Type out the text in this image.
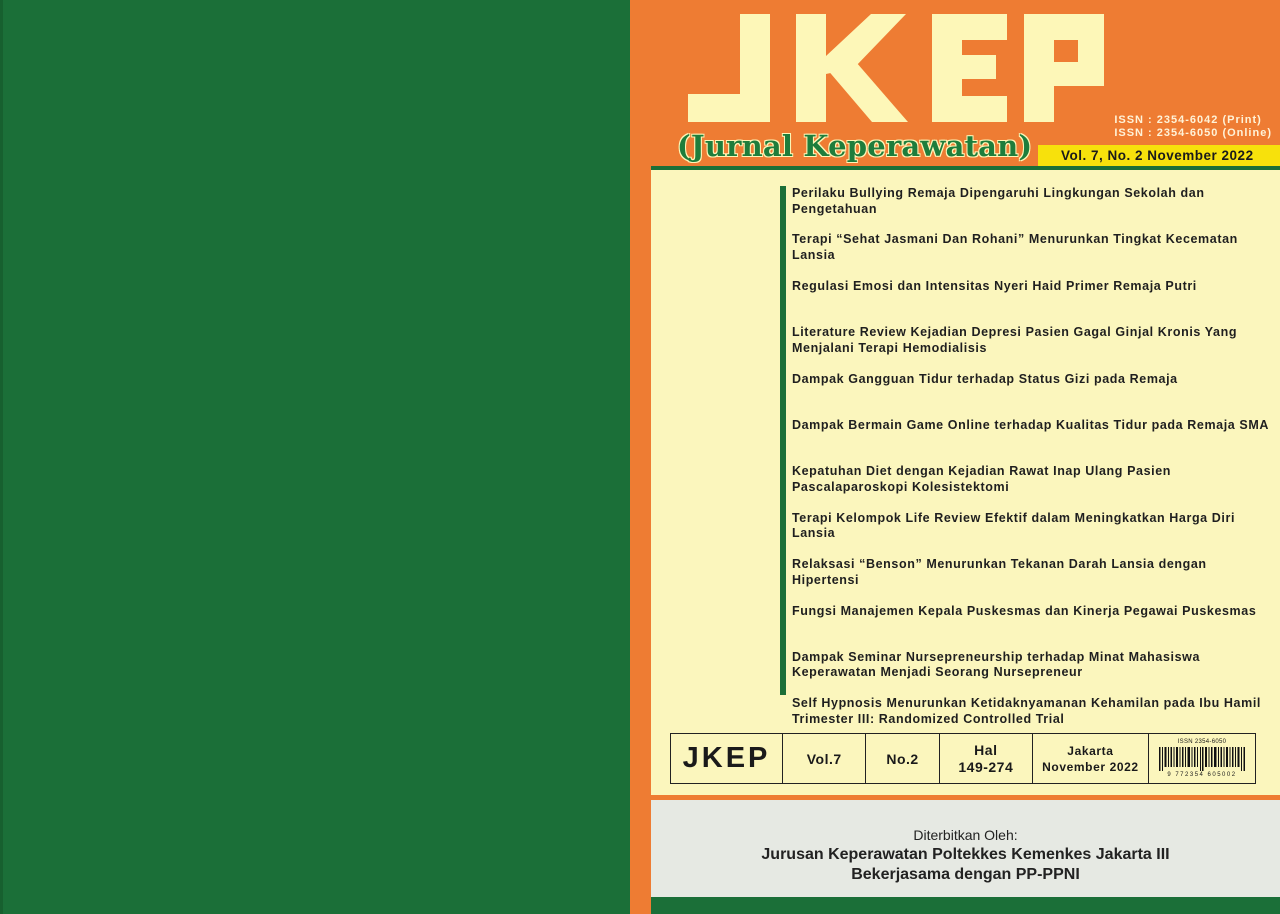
(Jurnal Keperawatan)
ISSN : 2354-6042 (Print)
ISSN : 2354-6050 (Online)
Vol. 7, No. 2 November 2022
Perilaku Bullying Remaja Dipengaruhi Lingkungan Sekolah dan Pengetahuan
Terapi “Sehat Jasmani Dan Rohani” Menurunkan Tingkat Kecematan Lansia
Regulasi Emosi dan Intensitas Nyeri Haid Primer Remaja Putri
Literature Review Kejadian Depresi Pasien Gagal Ginjal Kronis Yang Menjalani Terapi Hemodialisis
Dampak Gangguan Tidur terhadap Status Gizi pada Remaja
Dampak Bermain Game Online terhadap Kualitas Tidur pada Remaja SMA
Kepatuhan Diet dengan Kejadian Rawat Inap Ulang Pasien Pascalaparoskopi Kolesistektomi
Terapi Kelompok Life Review Efektif dalam Meningkatkan Harga Diri Lansia
Relaksasi “Benson” Menurunkan Tekanan Darah Lansia dengan Hipertensi
Fungsi Manajemen Kepala Puskesmas dan Kinerja Pegawai Puskesmas
Dampak Seminar Nursepreneurship terhadap Minat Mahasiswa Keperawatan Menjadi Seorang Nursepreneur
Self Hypnosis Menurunkan Ketidaknyamanan Kehamilan pada Ibu Hamil Trimester III: Randomized Controlled Trial
JKEP	Vol.7	No.2
Hal
149-274
Jakarta
November 2022
ISSN 2354-6050
9 772354 605002
Diterbitkan Oleh:
Jurusan Keperawatan Poltekkes Kemenkes Jakarta III
Bekerjasama dengan PP-PPNI
